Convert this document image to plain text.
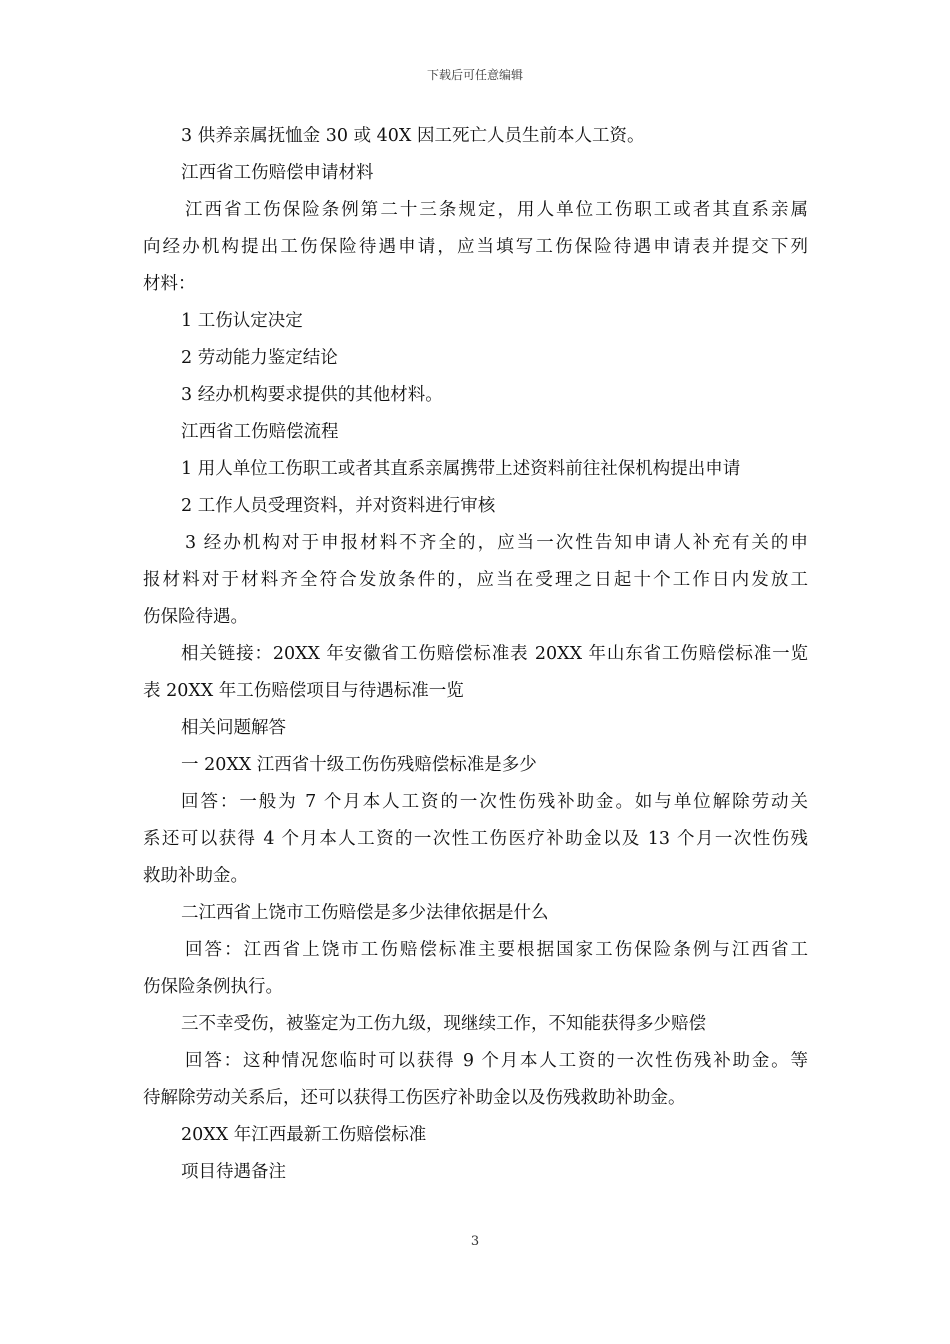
下载后可任意编辑
3 供养亲属抚恤金 30 或 40X 因工死亡人员生前本人工资。
江西省工伤赔偿申请材料
江西省工伤保险条例第二十三条规定，用人单位工伤职工或者其直系亲属
向经办机构提出工伤保险待遇申请，应当填写工伤保险待遇申请表并提交下列
材料：
1 工伤认定决定
2 劳动能力鉴定结论
3 经办机构要求提供的其他材料。
江西省工伤赔偿流程
1 用人单位工伤职工或者其直系亲属携带上述资料前往社保机构提出申请
2 工作人员受理资料，并对资料进行审核
3 经办机构对于申报材料不齐全的，应当一次性告知申请人补充有关的申
报材料对于材料齐全符合发放条件的，应当在受理之日起十个工作日内发放工
伤保险待遇。
相关链接：20XX 年安徽省工伤赔偿标准表 20XX 年山东省工伤赔偿标准一览
表 20XX 年工伤赔偿项目与待遇标准一览
相关问题解答
一 20XX 江西省十级工伤伤残赔偿标准是多少
回答：一般为 7 个月本人工资的一次性伤残补助金。如与单位解除劳动关
系还可以获得 4 个月本人工资的一次性工伤医疗补助金以及 13 个月一次性伤残
救助补助金。
二江西省上饶市工伤赔偿是多少法律依据是什么
回答：江西省上饶市工伤赔偿标准主要根据国家工伤保险条例与江西省工
伤保险条例执行。
三不幸受伤，被鉴定为工伤九级，现继续工作，不知能获得多少赔偿
回答：这种情况您临时可以获得 9 个月本人工资的一次性伤残补助金。等
待解除劳动关系后，还可以获得工伤医疗补助金以及伤残救助补助金。
20XX 年江西最新工伤赔偿标准
项目待遇备注
3
